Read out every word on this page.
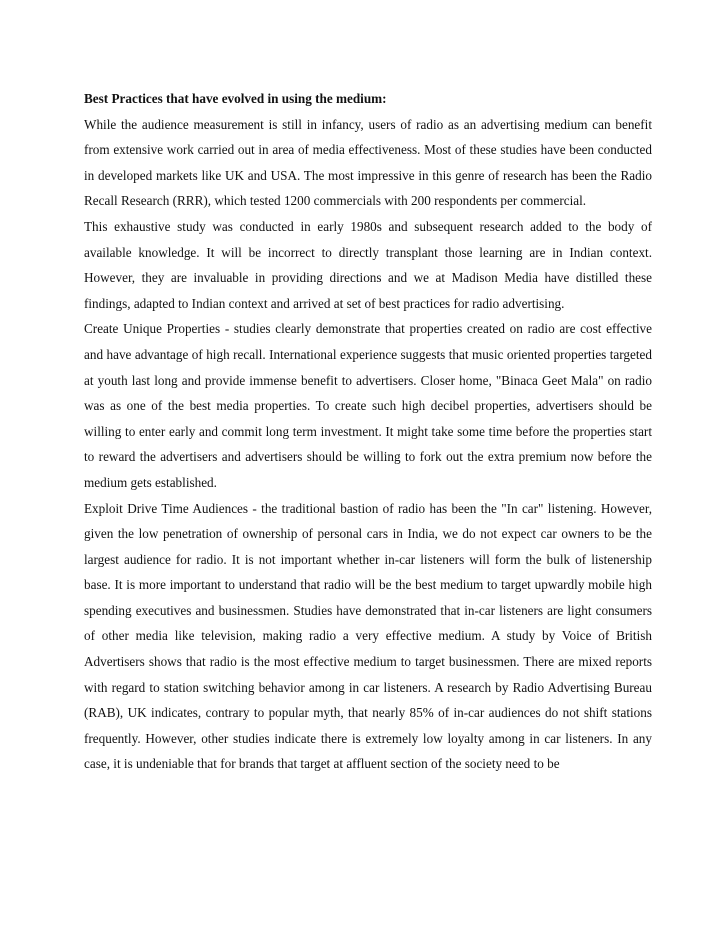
Best Practices that have evolved in using the medium:

While the audience measurement is still in infancy, users of radio as an advertising medium can benefit from extensive work carried out in area of media effectiveness. Most of these studies have been conducted in developed markets like UK and USA. The most impressive in this genre of research has been the Radio Recall Research (RRR), which tested 1200 commercials with 200 respondents per commercial.

This exhaustive study was conducted in early 1980s and subsequent research added to the body of available knowledge. It will be incorrect to directly transplant those learning are in Indian context. However, they are invaluable in providing directions and we at Madison Media have distilled these findings, adapted to Indian context and arrived at set of best practices for radio advertising.

Create Unique Properties - studies clearly demonstrate that properties created on radio are cost effective and have advantage of high recall. International experience suggests that music oriented properties targeted at youth last long and provide immense benefit to advertisers. Closer home, "Binaca Geet Mala" on radio was as one of the best media properties. To create such high decibel properties, advertisers should be willing to enter early and commit long term investment. It might take some time before the properties start to reward the advertisers and advertisers should be willing to fork out the extra premium now before the medium gets established.

Exploit Drive Time Audiences - the traditional bastion of radio has been the "In car" listening. However, given the low penetration of ownership of personal cars in India, we do not expect car owners to be the largest audience for radio. It is not important whether in-car listeners will form the bulk of listenership base. It is more important to understand that radio will be the best medium to target upwardly mobile high spending executives and businessmen. Studies have demonstrated that in-car listeners are light consumers of other media like television, making radio a very effective medium. A study by Voice of British Advertisers shows that radio is the most effective medium to target businessmen. There are mixed reports with regard to station switching behavior among in car listeners. A research by Radio Advertising Bureau (RAB), UK indicates, contrary to popular myth, that nearly 85% of in-car audiences do not shift stations frequently. However, other studies indicate there is extremely low loyalty among in car listeners. In any case, it is undeniable that for brands that target at affluent section of the society need to be
